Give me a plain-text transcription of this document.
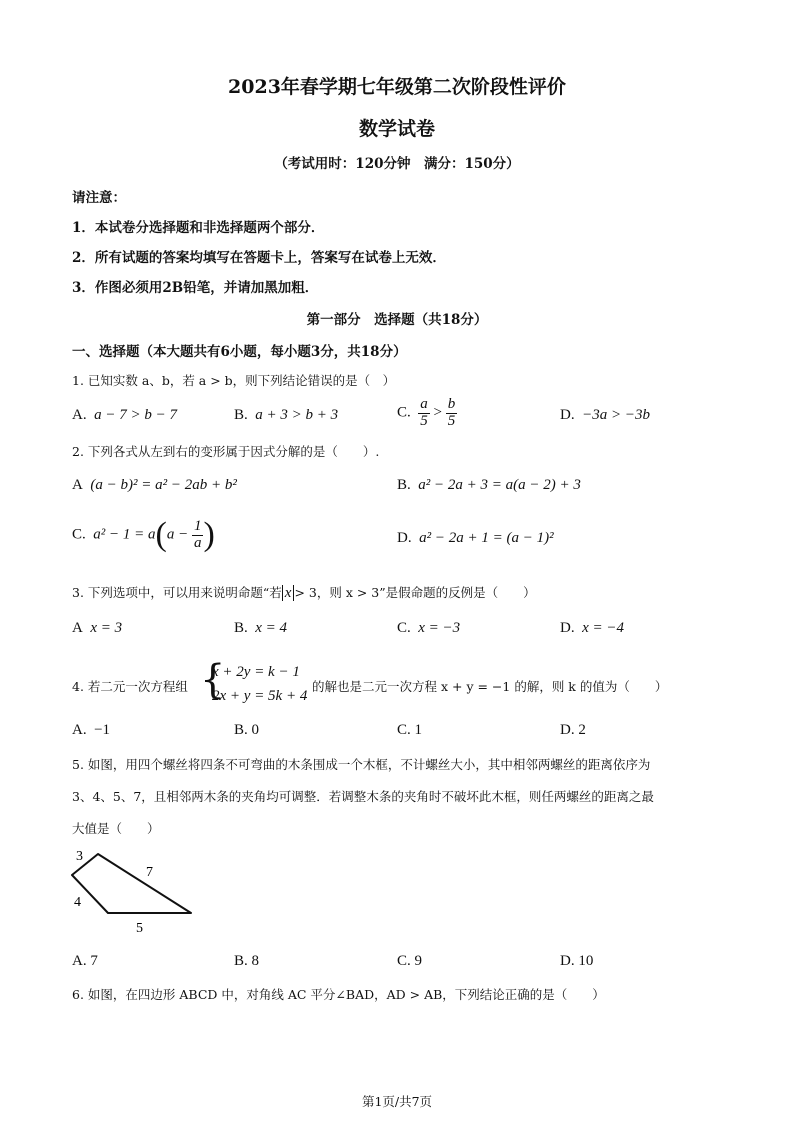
2023年春学期七年级第二次阶段性评价
数学试卷
（考试用时：120分钟　满分：150分）
请注意：
1．本试卷分选择题和非选择题两个部分．
2．所有试题的答案均填写在答题卡上，答案写在试卷上无效．
3．作图必须用2B铅笔，并请加黑加粗．
第一部分　选择题（共18分）
一、选择题（本大题共有6小题，每小题3分，共18分）
1. 已知实数 a、b，若 a > b，则下列结论错误的是（　）
A. a − 7 > b − 7	B. a + 3 > b + 3	C. $\frac{a}{5} > \frac{b}{5}$	D. −3a > −3b
2. 下列各式从左到右的变形属于因式分解的是（　　）.
A (a − b)² = a² − 2ab + b²	B. a² − 2a + 3 = a(a − 2) + 3
C. $a^2 - 1 = a(a - \frac{1}{a}$ )	D. a² − 2a + 1 = (a − 1)²
3. 下列选项中，可以用来说明命题“若 x > 3，则 x > 3”是假命题的反例是（　　）
A x = 3	B. x = 4	C. x = −3	D. x = −4
4. 若二元一次方程组 {
x + 2y = k − 1
2x + y = 5k + 4
的解也是二元一次方程 x + y = −1 的解，则 k 的值为（　　）
A. −1	B. 0	C. 1	D. 2
5. 如图，用四个螺丝将四条不可弯曲的木条围成一个木框，不计螺丝大小，其中相邻两螺丝的距离依序为
3、4、5、7，且相邻两木条的夹角均可调整．若调整木条的夹角时不破坏此木框，则任两螺丝的距离之最
大值是（　　）
3
7
4
5
A. 7	B. 8	C. 9	D. 10
6. 如图，在四边形 ABCD 中，对角线 AC 平分∠BAD，AD > AB，下列结论正确的是（　　）
第1页/共7页
